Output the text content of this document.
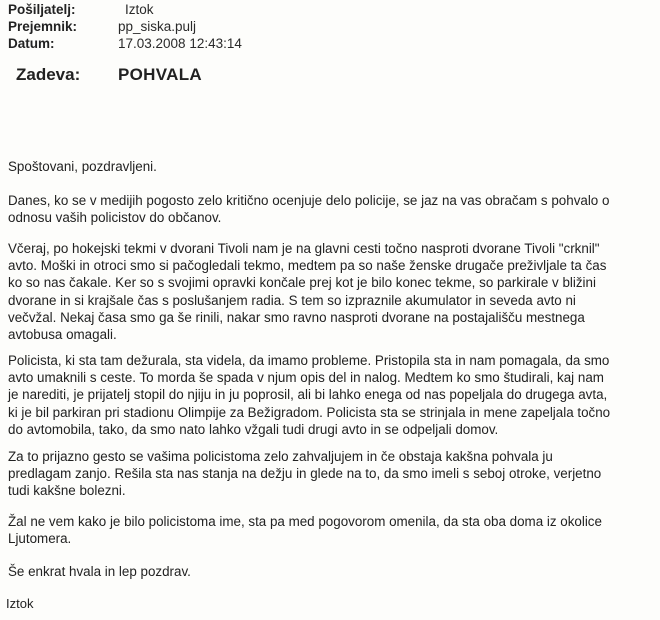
Pošiljatelj:	Iztok
Prejemnik:	pp_siska.pulj
Datum:	17.03.2008 12:43:14
Zadeva: POHVALA
Spoštovani, pozdravljeni.
Danes, ko se v medijih pogosto zelo kritično ocenjuje delo policije, se jaz na vas obračam s pohvalo o
odnosu vaših policistov do občanov.
Včeraj, po hokejski tekmi v dvorani Tivoli nam je na glavni cesti točno nasproti dvorane Tivoli "crknil"
avto. Moški in otroci smo si pačogledali tekmo, medtem pa so naše ženske drugače preživljale ta čas
ko so nas čakale. Ker so s svojimi opravki končale prej kot je bilo konec tekme, so parkirale v bližini
dvorane in si krajšale čas s poslušanjem radia. S tem so izpraznile akumulator in seveda avto ni
večvžal. Nekaj časa smo ga še rinili, nakar smo ravno nasproti dvorane na postajališču mestnega
avtobusa omagali.
Policista, ki sta tam dežurala, sta videla, da imamo probleme. Pristopila sta in nam pomagala, da smo
avto umaknili s ceste. To morda še spada v njum opis del in nalog. Medtem ko smo študirali, kaj nam
je narediti, je prijatelj stopil do njiju in ju poprosil, ali bi lahko enega od nas popeljala do drugega avta,
ki je bil parkiran pri stadionu Olimpije za Bežigradom. Policista sta se strinjala in mene zapeljala točno
do avtomobila, tako, da smo nato lahko vžgali tudi drugi avto in se odpeljali domov.
Za to prijazno gesto se vašima policistoma zelo zahvaljujem in če obstaja kakšna pohvala ju
predlagam zanjo. Rešila sta nas stanja na dežju in glede na to, da smo imeli s seboj otroke, verjetno
tudi kakšne bolezni.
Žal ne vem kako je bilo policistoma ime, sta pa med pogovorom omenila, da sta oba doma iz okolice
Ljutomera.
Še enkrat hvala in lep pozdrav.
Iztok
